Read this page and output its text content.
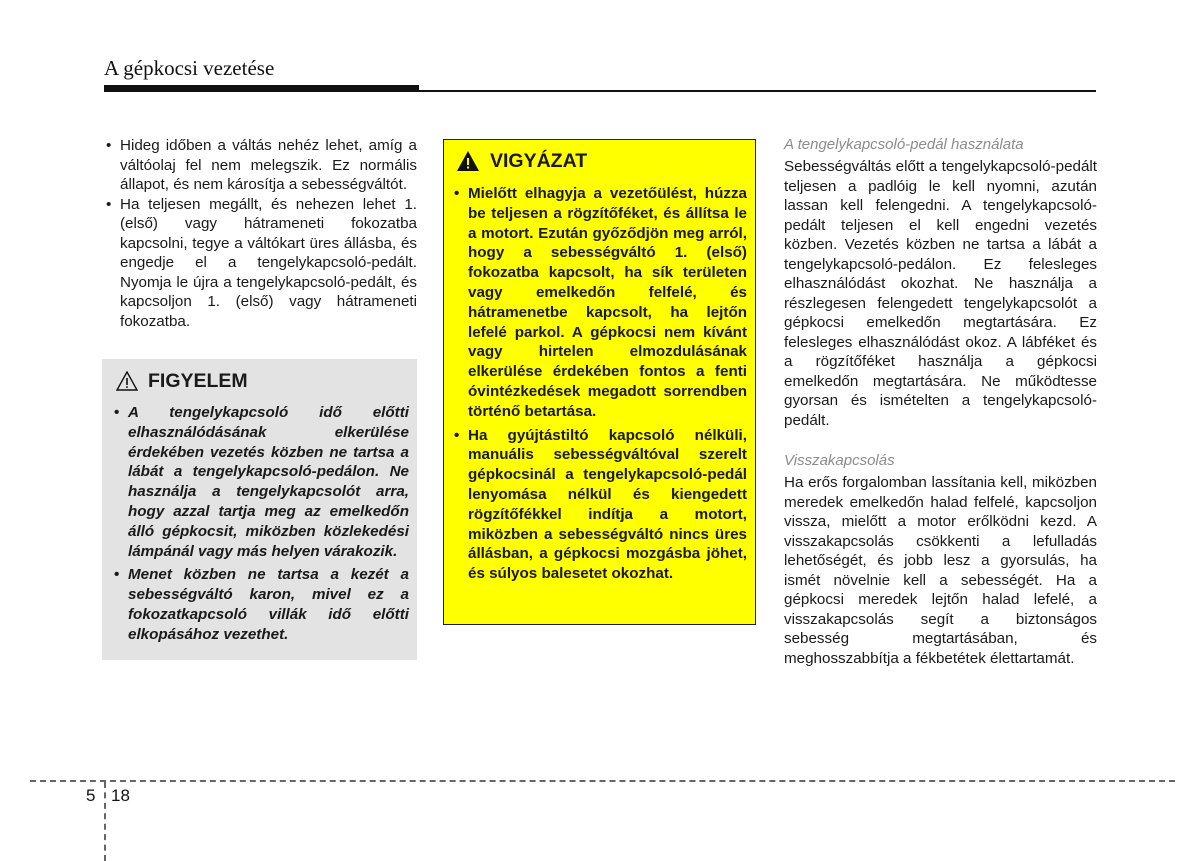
A gépkocsi vezetése
• Hideg időben a váltás nehéz lehet, amíg a váltóolaj fel nem melegszik. Ez normális állapot, és nem károsítja a sebességváltót.
• Ha teljesen megállt, és nehezen lehet 1. (első) vagy hátrameneti fokozatba kapcsolni, tegye a váltókart üres állásba, és engedje el a tengelykapcsoló-pedált. Nyomja le újra a tengelykapcsoló-pedált, és kapcsoljon 1. (első) vagy hátrameneti fokozatba.
FIGYELEM
• A tengelykapcsoló idő előtti elhasználódásának elkerülése érdekében vezetés közben ne tartsa a lábát a tengelykapcsoló-pedálon. Ne használja a tengelykapcsolót arra, hogy azzal tartja meg az emelkedőn álló gépkocsit, miközben közlekedési lámpánál vagy más helyen várakozik.
• Menet közben ne tartsa a kezét a sebességváltó karon, mivel ez a fokozatkapcsoló villák idő előtti elkopásához vezethet.
VIGYÁZAT
• Mielőtt elhagyja a vezetőülést, húzza be teljesen a rögzítőféket, és állítsa le a motort. Ezután győződjön meg arról, hogy a sebességváltó 1. (első) fokozatba kapcsolt, ha sík területen vagy emelkedőn felfelé, és hátramenetbe kapcsolt, ha lejtőn lefelé parkol. A gépkocsi nem kívánt vagy hirtelen elmozdulásának elkerülése érdekében fontos a fenti óvintézkedések megadott sorrendben történő betartása.
• Ha gyújtástiltó kapcsoló nélküli, manuális sebességváltóval szerelt gépkocsinál a tengelykapcsoló-pedál lenyomása nélkül és kiengedett rögzítőfékkel indítja a motort, miközben a sebességváltó nincs üres állásban, a gépkocsi mozgásba jöhet, és súlyos balesetet okozhat.

A tengelykapcsoló-pedál használata

Sebességváltás előtt a tengelykapcsoló-pedált teljesen a padlóig le kell nyomni, azután lassan kell felengedni. A tengelykapcsoló-pedált teljesen el kell engedni vezetés közben. Vezetés közben ne tartsa a lábát a tengelykapcsoló-pedálon. Ez felesleges elhasználódást okozhat. Ne használja a részlegesen felengedett tengelykapcsolót a gépkocsi emelkedőn megtartására. Ez felesleges elhasználódást okoz. A lábféket és a rögzítőféket használja a gépkocsi emelkedőn megtartására. Ne működtesse gyorsan és ismételten a tengelykapcsoló-pedált.

Visszakapcsolás

Ha erős forgalomban lassítania kell, miközben meredek emelkedőn halad felfelé, kapcsoljon vissza, mielőtt a motor erőlködni kezd. A visszakapcsolás csökkenti a lefulladás lehetőségét, és jobb lesz a gyorsulás, ha ismét növelnie kell a sebességét. Ha a gépkocsi meredek lejtőn halad lefelé, a visszakapcsolás segít a biztonságos sebesség megtartásában, és meghosszabbítja a fékbetétek élettartamát.

5 18
